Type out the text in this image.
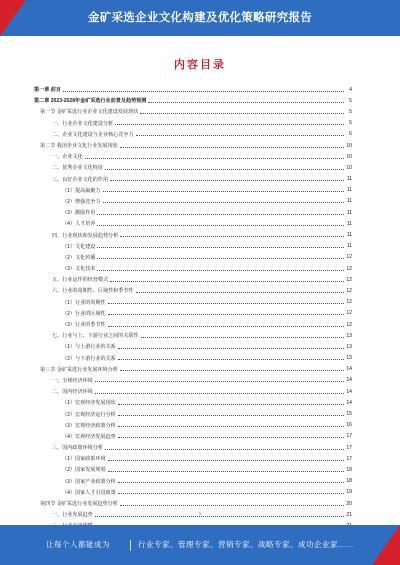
金矿采选企业文化构建及优化策略研究报告
内容目录
第一章 前言	4
第二章 2023-2028年金矿采选行业前景及趋势预测	5
第一节 金矿采选行业企业文化建设发展现状	5
一、行业企业文化建设分析	5
二、企业文化建设与企业核心竞争力	6
第二节 我国企业文化行业发展现状	10
一、企业文化	10
二、优秀企业文化特征	10
三、良好企业文化的作用	11
（1）提高凝聚力	11
（2）增强竞争力	11
（3）激励作用	11
（4）人才培养	11
四、行业现状和发展趋势分析	11
（1）文化建设	11
（2）文化传播	12
（3）文化技术	12
五、行业运作的经营模式	12
六、行业的周期性、区域性和季节性	12
（1）行业的周期性	12
（2）行业的区域性	12
（3）行业的季节性	12
七、行业与上、下游行业之间的关联性	13
（1）与上游行业的关系	13
（2）与下游行业的关系	13
第三节 金矿采选行业发展环境分析	14
一、全球经济环境	14
二、国内经济环境	14
（1）宏观经济发展现状	14
（2）宏观经济运行分析	15
（3）宏观经济政策分析	16
（4）宏观经济发展趋势	17
三、国内政策环境分析	17
（1）国家政策环境	17
（2）国家发展规划	18
（3）国家产业政策分析	18
（4）国家人才引进政策	19
第四节 金矿采选行业发展趋势分析	20
一、行业发展趋势	21
1
让每个人都能成为	行业专家、管理专家、营销专家、战略专家、成功企业家……
